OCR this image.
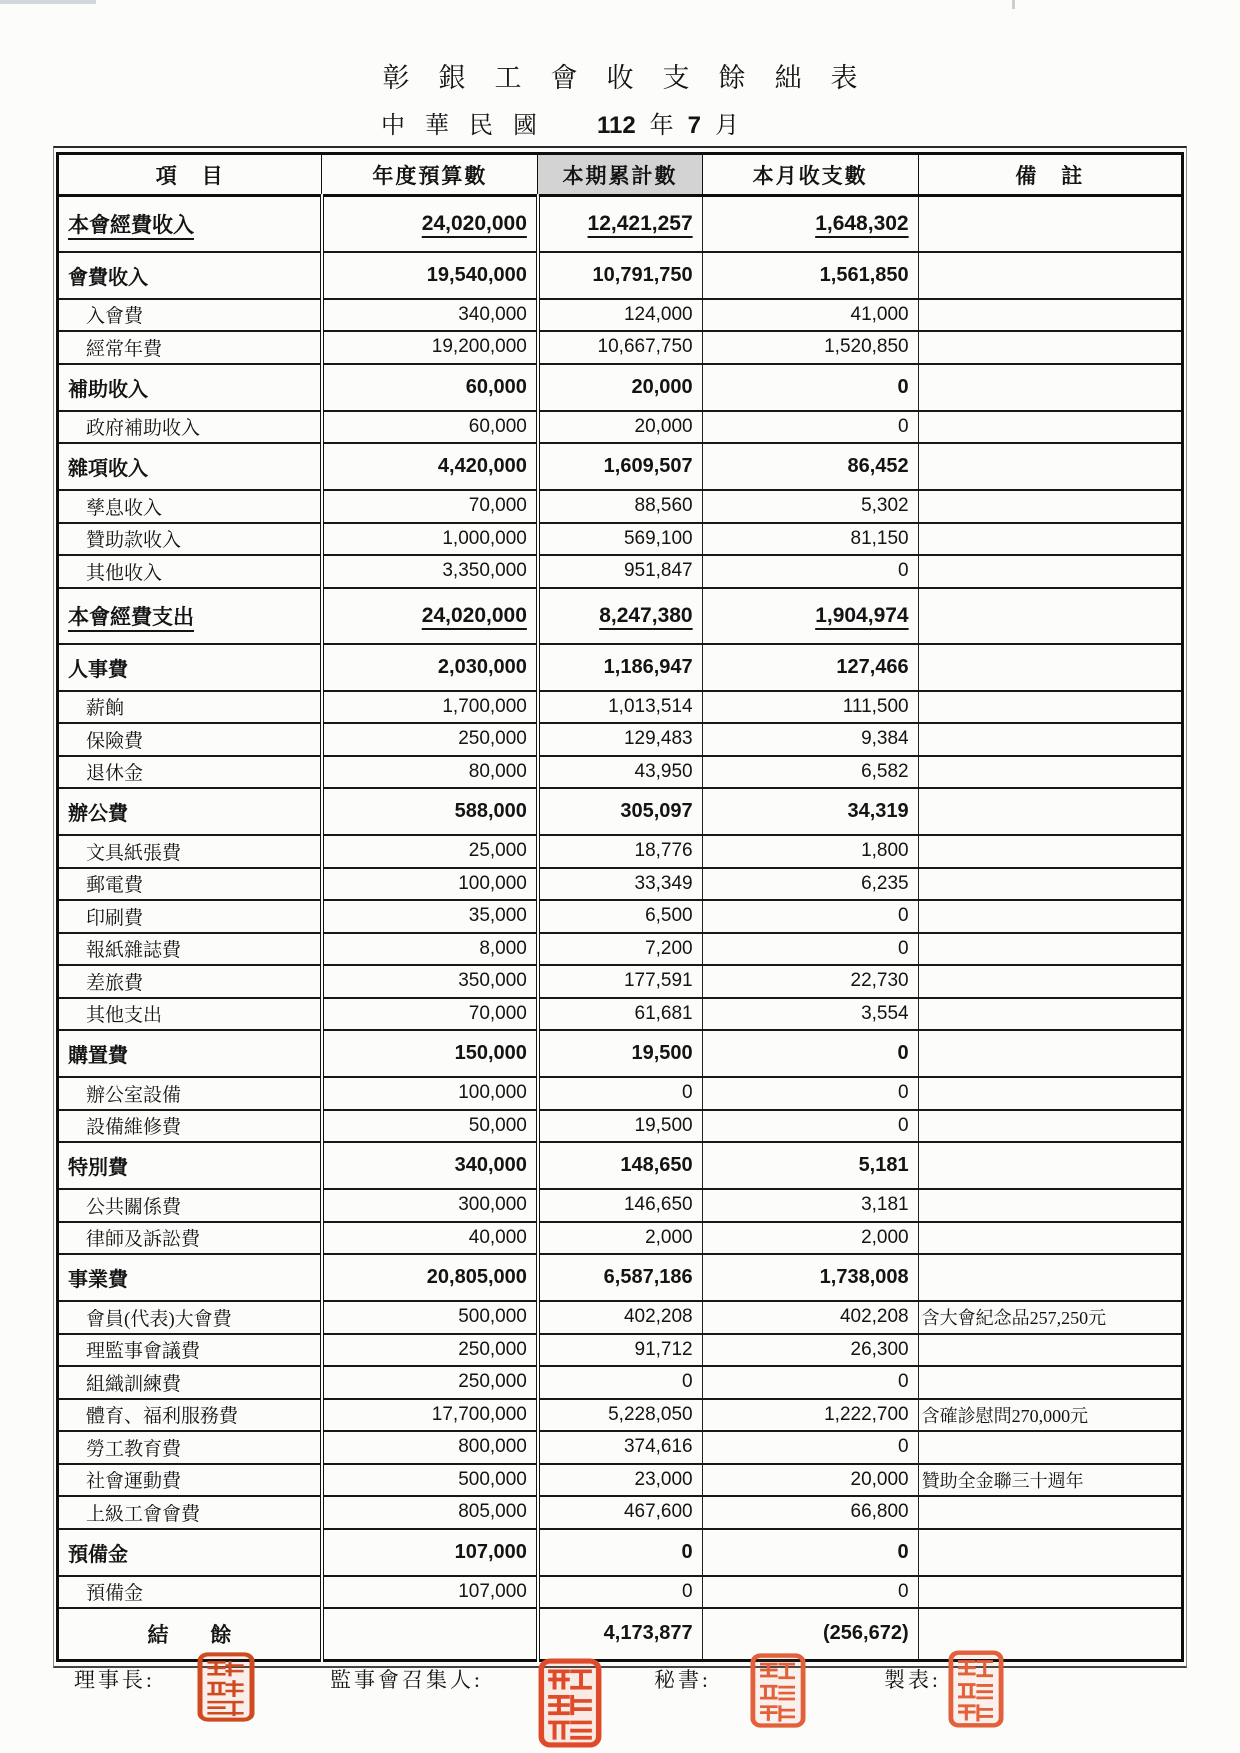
彰銀工會收支餘絀表
中華民國 112 年 7 月
項　目	年度預算數	本期累計數	本月收支數	備　註
本會經費收入	24,020,000	12,421,257	1,648,302	
會費收入	19,540,000	10,791,750	1,561,850	
入會費	340,000	124,000	41,000	
經常年費	19,200,000	10,667,750	1,520,850	
補助收入	60,000	20,000	0	
政府補助收入	60,000	20,000	0	
雜項收入	4,420,000	1,609,507	86,452	
孳息收入	70,000	88,560	5,302	
贊助款收入	1,000,000	569,100	81,150	
其他收入	3,350,000	951,847	0	
本會經費支出	24,020,000	8,247,380	1,904,974	
人事費	2,030,000	1,186,947	127,466	
薪餉	1,700,000	1,013,514	111,500	
保險費	250,000	129,483	9,384	
退休金	80,000	43,950	6,582	
辦公費	588,000	305,097	34,319	
文具紙張費	25,000	18,776	1,800	
郵電費	100,000	33,349	6,235	
印刷費	35,000	6,500	0	
報紙雜誌費	8,000	7,200	0	
差旅費	350,000	177,591	22,730	
其他支出	70,000	61,681	3,554	
購置費	150,000	19,500	0	
辦公室設備	100,000	0	0	
設備維修費	50,000	19,500	0	
特別費	340,000	148,650	5,181	
公共關係費	300,000	146,650	3,181	
律師及訴訟費	40,000	2,000	2,000	
事業費	20,805,000	6,587,186	1,738,008	
會員(代表)大會費	500,000	402,208	402,208	含大會紀念品257,250元
理監事會議費	250,000	91,712	26,300	
組織訓練費	250,000	0	0	
體育、福利服務費	17,700,000	5,228,050	1,222,700	含確診慰問270,000元
勞工教育費	800,000	374,616	0	
社會運動費	500,000	23,000	20,000	贊助全金聯三十週年
上級工會會費	805,000	467,600	66,800	
預備金	107,000	0	0	
預備金	107,000	0	0	
結　　餘		4,173,877	(256,672)	
理事長:	監事會召集人:	秘書:	製表:
